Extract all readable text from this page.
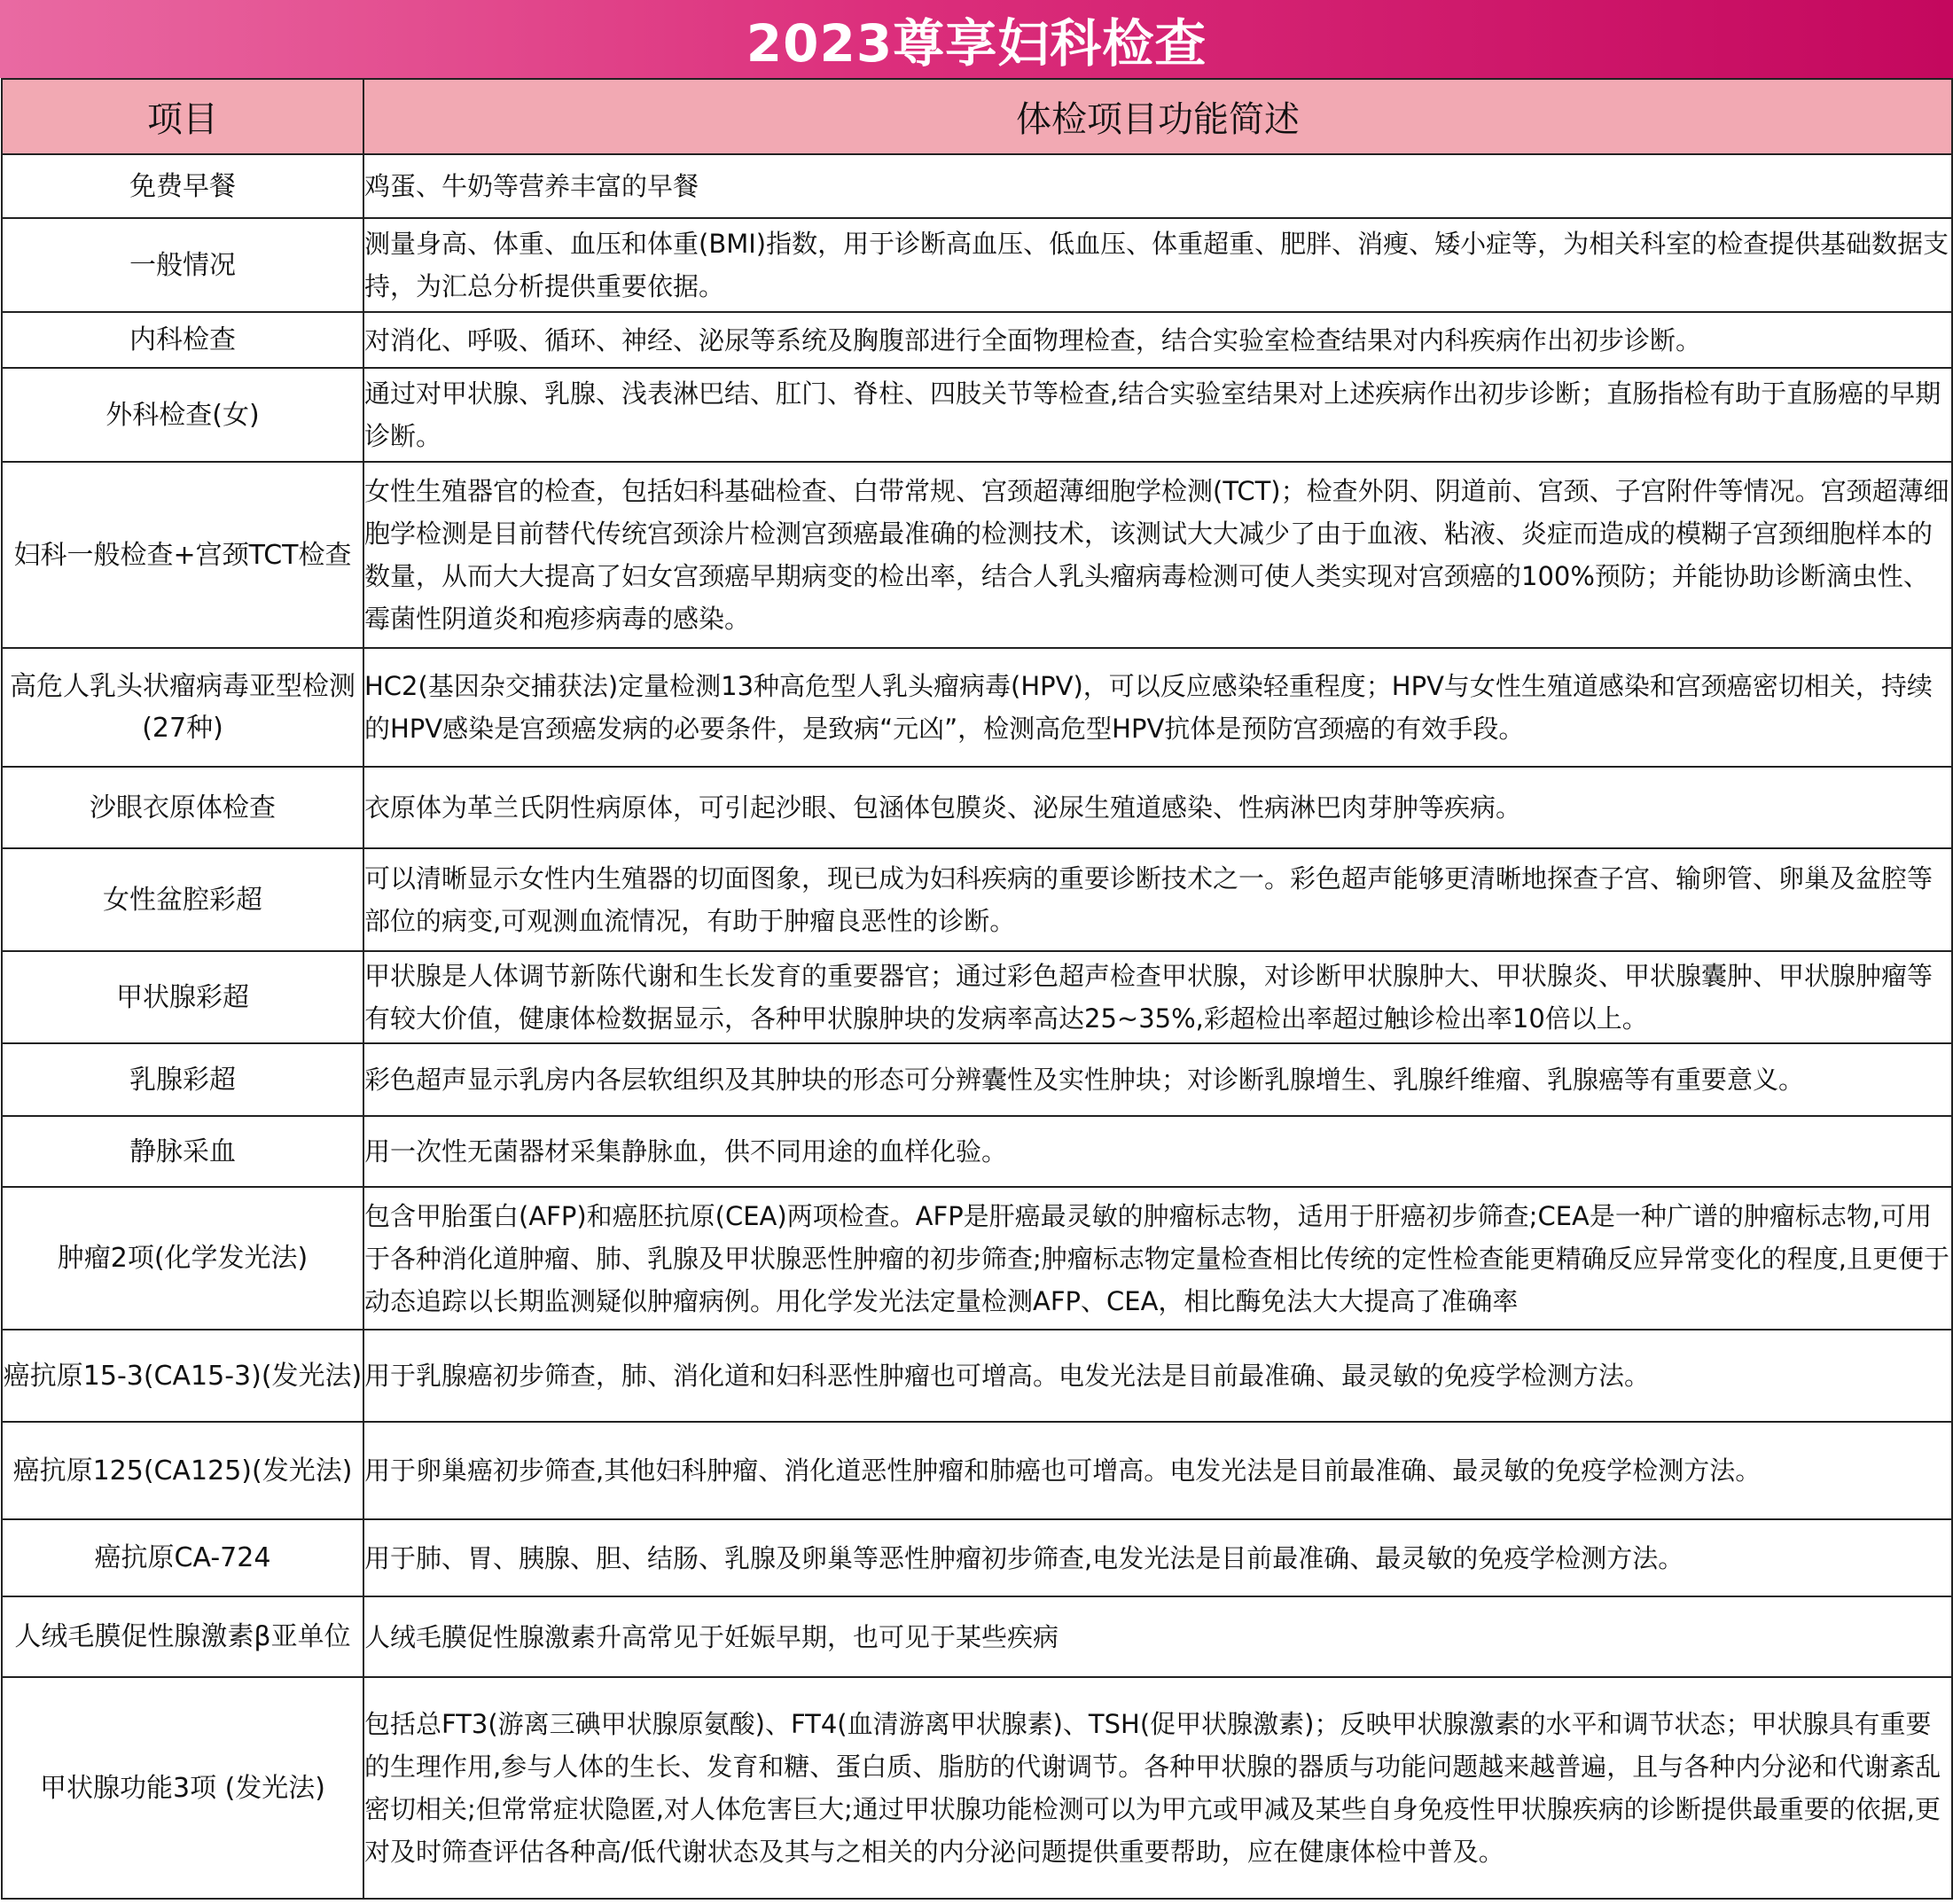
2023尊享妇科检查
项目	体检项目功能简述
免费早餐	鸡蛋、牛奶等营养丰富的早餐
一般情况	测量身高、体重、血压和体重(BMI)指数，用于诊断高血压、低血压、体重超重、肥胖、消瘦、矮小症等，为相关科室的检查提供基础数据支持，为汇总分析提供重要依据。
内科检查	对消化、呼吸、循环、神经、泌尿等系统及胸腹部进行全面物理检查，结合实验室检查结果对内科疾病作出初步诊断。
外科检查(女)	通过对甲状腺、乳腺、浅表淋巴结、肛门、脊柱、四肢关节等检查,结合实验室结果对上述疾病作出初步诊断；直肠指检有助于直肠癌的早期诊断。
妇科一般检查+宫颈TCT检查	女性生殖器官的检查，包括妇科基础检查、白带常规、宫颈超薄细胞学检测(TCT)；检查外阴、阴道前、宫颈、子宫附件等情况。宫颈超薄细胞学检测是目前替代传统宫颈涂片检测宫颈癌最准确的检测技术，该测试大大减少了由于血液、粘液、炎症而造成的模糊子宫颈细胞样本的数量，从而大大提高了妇女宫颈癌早期病变的检出率，结合人乳头瘤病毒检测可使人类实现对宫颈癌的100%预防；并能协助诊断滴虫性、霉菌性阴道炎和疱疹病毒的感染。
高危人乳头状瘤病毒亚型检测(27种)	HC2(基因杂交捕获法)定量检测13种高危型人乳头瘤病毒(HPV)，可以反应感染轻重程度；HPV与女性生殖道感染和宫颈癌密切相关，持续的HPV感染是宫颈癌发病的必要条件，是致病“元凶”，检测高危型HPV抗体是预防宫颈癌的有效手段。
沙眼衣原体检查	衣原体为革兰氏阴性病原体，可引起沙眼、包涵体包膜炎、泌尿生殖道感染、性病淋巴肉芽肿等疾病。
女性盆腔彩超	可以清晰显示女性内生殖器的切面图象，现已成为妇科疾病的重要诊断技术之一。彩色超声能够更清晰地探查子宫、输卵管、卵巢及盆腔等部位的病变,可观测血流情况，有助于肿瘤良恶性的诊断。
甲状腺彩超	甲状腺是人体调节新陈代谢和生长发育的重要器官；通过彩色超声检查甲状腺，对诊断甲状腺肿大、甲状腺炎、甲状腺囊肿、甲状腺肿瘤等有较大价值，健康体检数据显示，各种甲状腺肿块的发病率高达25~35%,彩超检出率超过触诊检出率10倍以上。
乳腺彩超	彩色超声显示乳房内各层软组织及其肿块的形态可分辨囊性及实性肿块；对诊断乳腺增生、乳腺纤维瘤、乳腺癌等有重要意义。
静脉采血	用一次性无菌器材采集静脉血，供不同用途的血样化验。
肿瘤2项(化学发光法)	包含甲胎蛋白(AFP)和癌胚抗原(CEA)两项检查。AFP是肝癌最灵敏的肿瘤标志物，适用于肝癌初步筛查;CEA是一种广谱的肿瘤标志物,可用于各种消化道肿瘤、肺、乳腺及甲状腺恶性肿瘤的初步筛查;肿瘤标志物定量检查相比传统的定性检查能更精确反应异常变化的程度,且更便于动态追踪以长期监测疑似肿瘤病例。用化学发光法定量检测AFP、CEA，相比酶免法大大提高了准确率
癌抗原15-3(CA15-3)(发光法)	用于乳腺癌初步筛查，肺、消化道和妇科恶性肿瘤也可增高。电发光法是目前最准确、最灵敏的免疫学检测方法。
癌抗原125(CA125)(发光法)	用于卵巢癌初步筛查,其他妇科肿瘤、消化道恶性肿瘤和肺癌也可增高。电发光法是目前最准确、最灵敏的免疫学检测方法。
癌抗原CA-724	用于肺、胃、胰腺、胆、结肠、乳腺及卵巢等恶性肿瘤初步筛查,电发光法是目前最准确、最灵敏的免疫学检测方法。
人绒毛膜促性腺激素β亚单位	人绒毛膜促性腺激素升高常见于妊娠早期，也可见于某些疾病
甲状腺功能3项 (发光法)	包括总FT3(游离三碘甲状腺原氨酸)、FT4(血清游离甲状腺素)、TSH(促甲状腺激素)；反映甲状腺激素的水平和调节状态；甲状腺具有重要的生理作用,参与人体的生长、发育和糖、蛋白质、脂肪的代谢调节。各种甲状腺的器质与功能问题越来越普遍，且与各种内分泌和代谢紊乱密切相关;但常常症状隐匿,对人体危害巨大;通过甲状腺功能检测可以为甲亢或甲减及某些自身免疫性甲状腺疾病的诊断提供最重要的依据,更对及时筛查评估各种高/低代谢状态及其与之相关的内分泌问题提供重要帮助，应在健康体检中普及。
